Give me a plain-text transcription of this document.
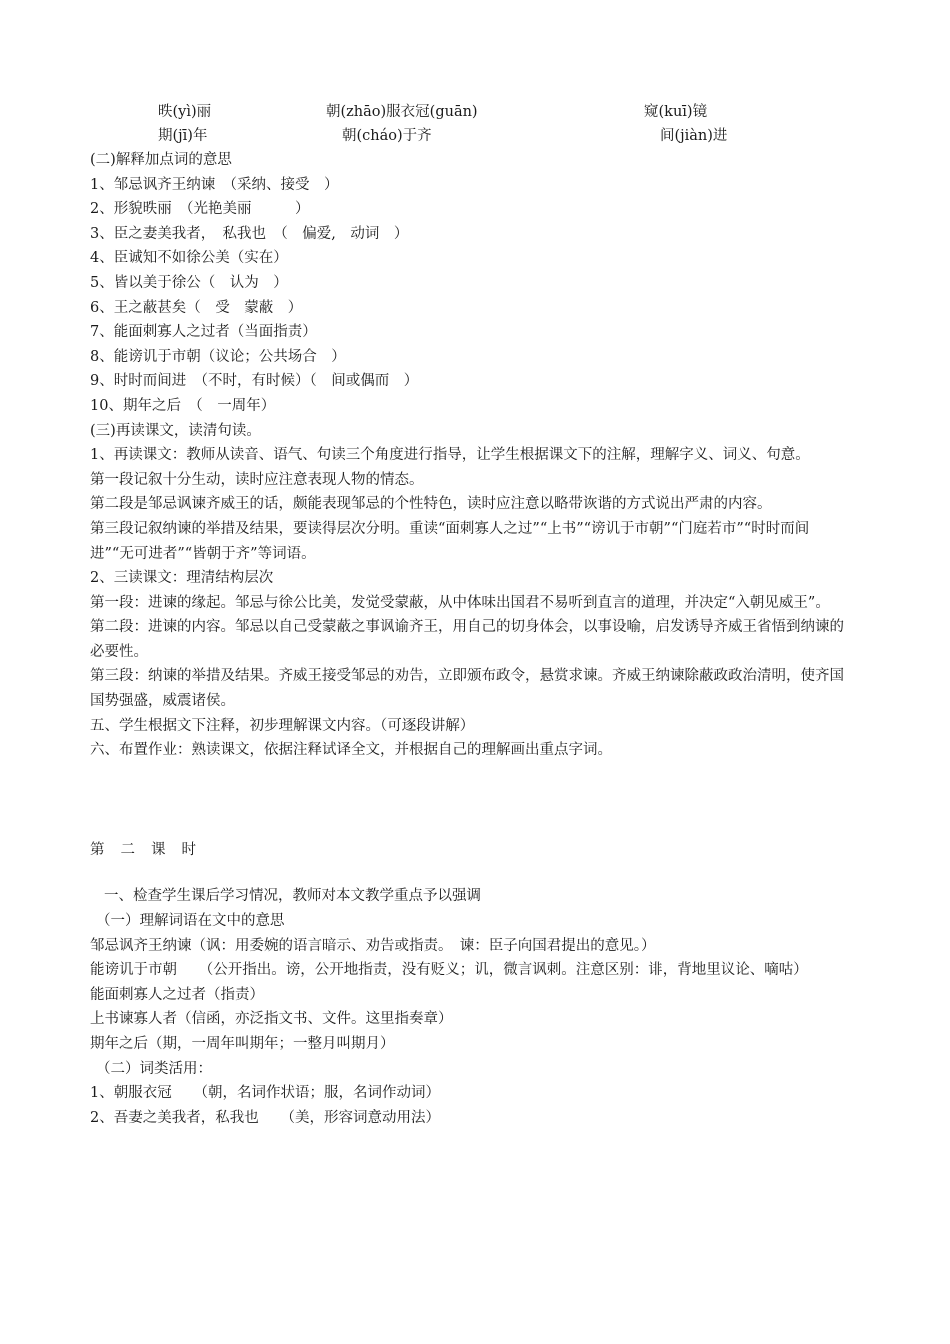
昳(yì)丽	朝(zhāo)服衣冠(guān)	窥(kuī)镜
期(jī)年	朝(cháo)于齐	间(jiàn)进
(二)解释加点词的意思
1、邹忌讽齐王纳谏　（采纳、接受　）
2、形貌昳丽　（光艳美丽　　　）
3、臣之妻美我者，　私我也　（　偏爱,　动词　）
4、臣诚知不如徐公美（实在）
5、皆以美于徐公（　认为　）
6、王之蔽甚矣（　受　蒙蔽　）
7、能面刺寡人之过者（当面指责）
8、能谤讥于市朝（议论；公共场合　）
9、时时而间进　（不时，有时候）（　间或偶而　）
10、期年之后　（　一周年）
(三)再读课文，读清句读。
1、再读课文：教师从读音、语气、句读三个角度进行指导，让学生根据课文下的注解，理解字义、词义、句意。
第一段记叙十分生动，读时应注意表现人物的情态。
第二段是邹忌讽谏齐威王的话，颇能表现邹忌的个性特色，读时应注意以略带诙谐的方式说出严肃的内容。
第三段记叙纳谏的举措及结果，要读得层次分明。重读“面刺寡人之过”“上书”“谤讥于市朝”“门庭若市”“时时而间进”“无可进者”“皆朝于齐”等词语。
2、三读课文：理清结构层次
第一段：进谏的缘起。邹忌与徐公比美，发觉受蒙蔽，从中体味出国君不易听到直言的道理，并决定“入朝见威王”。
第二段：进谏的内容。邹忌以自己受蒙蔽之事讽谕齐王，用自己的切身体会，以事设喻，启发诱导齐威王省悟到纳谏的必要性。
第三段：纳谏的举措及结果。齐威王接受邹忌的劝告，立即颁布政令，悬赏求谏。齐威王纳谏除蔽政政治清明，使齐国国势强盛，威震诸侯。
五、学生根据文下注释，初步理解课文内容。（可逐段讲解）
六、布置作业：熟读课文，依据注释试译全文，并根据自己的理解画出重点字词。
第二课时
一、检查学生课后学习情况，教师对本文教学重点予以强调
（一）理解词语在文中的意思
邹忌讽齐王纳谏（讽：用委婉的语言暗示、劝告或指责。　谏：臣子向国君提出的意见。）
能谤讥于市朝　　（公开指出。谤，公开地指责，没有贬义；讥，微言讽刺。注意区别：诽，背地里议论、嘀咕）
能面刺寡人之过者（指责）
上书谏寡人者（信函，亦泛指文书、文件。这里指奏章）
期年之后（期，一周年叫期年；一整月叫期月）
（二）词类活用：
1、朝服衣冠　　（朝，名词作状语；服，名词作动词）
2、吾妻之美我者，私我也　　（美，形容词意动用法）
